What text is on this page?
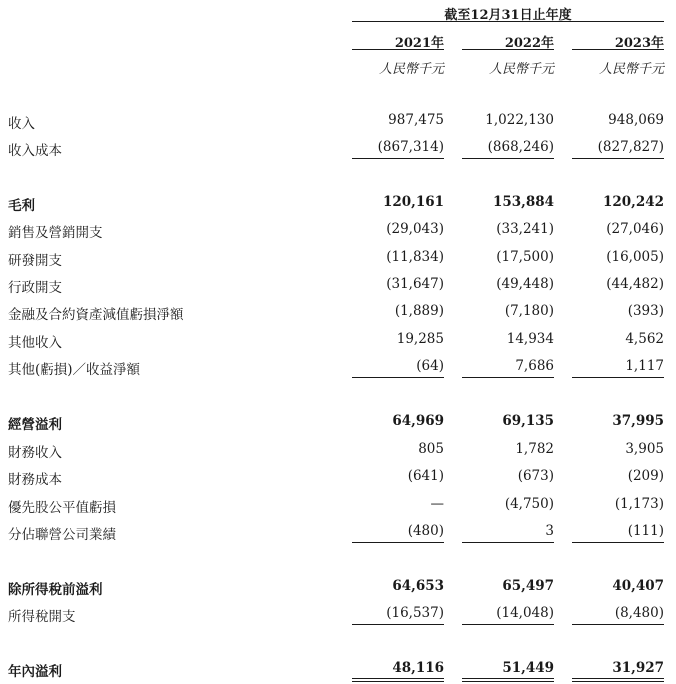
截至12月31日止年度
2021年	2022年	2023年
人民幣千元	人民幣千元	人民幣千元
收入	987,475	1,022,130	948,069
收入成本	(867,314)	(868,246)	(827,827)
毛利	120,161	153,884	120,242
銷售及營銷開支	(29,043)	(33,241)	(27,046)
研發開支	(11,834)	(17,500)	(16,005)
行政開支	(31,647)	(49,448)	(44,482)
金融及合約資產減值虧損淨額	(1,889)	(7,180)	(393)
其他收入	19,285	14,934	4,562
其他(虧損)／收益淨額	(64)	7,686	1,117
經營溢利	64,969	69,135	37,995
財務收入	805	1,782	3,905
財務成本	(641)	(673)	(209)
優先股公平值虧損	—	(4,750)	(1,173)
分佔聯營公司業績	(480)	3	(111)
除所得稅前溢利	64,653	65,497	40,407
所得稅開支	(16,537)	(14,048)	(8,480)
年內溢利	48,116	51,449	31,927
